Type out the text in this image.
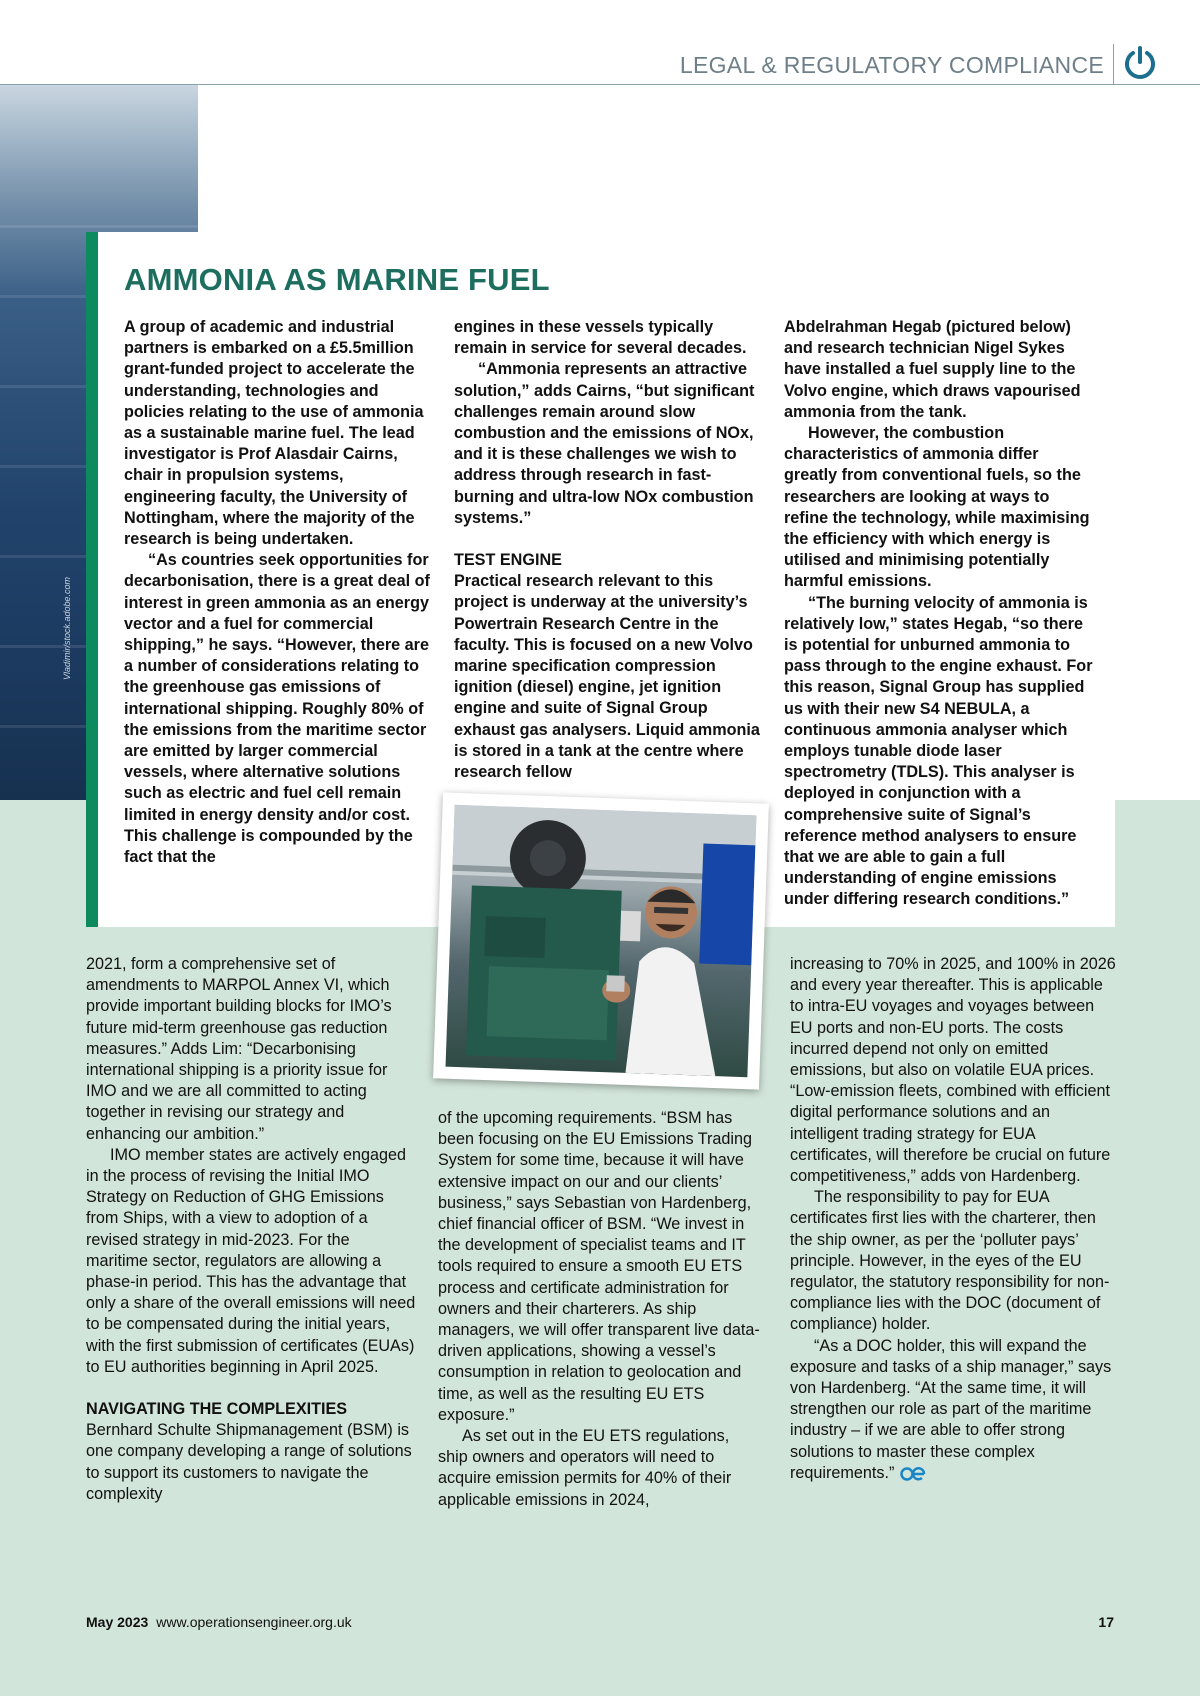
Vladimir/stock.adobe.com
LEGAL & REGULATORY COMPLIANCE
AMMONIA AS MARINE FUEL

A group of academic and industrial partners is embarked on a £5.5million grant-funded project to accelerate the understanding, technologies and policies relating to the use of ammonia as a sustainable marine fuel. The lead investigator is Prof Alasdair Cairns, chair in propulsion systems, engineering faculty, the University of Nottingham, where the majority of the research is being undertaken.

“As countries seek opportunities for decarbonisation, there is a great deal of interest in green ammonia as an energy vector and a fuel for commercial shipping,” he says. “However, there are a number of considerations relating to the greenhouse gas emissions of international shipping. Roughly 80% of the emissions from the maritime sector are emitted by larger commercial vessels, where alternative solutions such as electric and fuel cell remain limited in energy density and/or cost. This challenge is compounded by the fact that the

engines in these vessels typically remain in service for several decades.

“Ammonia represents an attractive solution,” adds Cairns, “but significant challenges remain around slow combustion and the emissions of NOx, and it is these challenges we wish to address through research in fast-burning and ultra-low NOx combustion systems.”

TEST ENGINE

Practical research relevant to this project is underway at the university’s Powertrain Research Centre in the faculty. This is focused on a new Volvo marine specification compression ignition (diesel) engine, jet ignition engine and suite of Signal Group exhaust gas analysers. Liquid ammonia is stored in a tank at the centre where research fellow

Abdelrahman Hegab (pictured below) and research technician Nigel Sykes have installed a fuel supply line to the Volvo engine, which draws vapourised ammonia from the tank.

However, the combustion characteristics of ammonia differ greatly from conventional fuels, so the researchers are looking at ways to refine the technology, while maximising the efficiency with which energy is utilised and minimising potentially harmful emissions.

“The burning velocity of ammonia is relatively low,” states Hegab, “so there is potential for unburned ammonia to pass through to the engine exhaust. For this reason, Signal Group has supplied us with their new S4 NEBULA, a continuous ammonia analyser which employs tunable diode laser spectrometry (TDLS). This analyser is deployed in conjunction with a comprehensive suite of Signal’s reference method analysers to ensure that we are able to gain a full understanding of engine emissions under differing research conditions.”

2021, form a comprehensive set of amendments to MARPOL Annex VI, which provide important building blocks for IMO’s future mid-term greenhouse gas reduction measures.” Adds Lim: “Decarbonising international shipping is a priority issue for IMO and we are all committed to acting together in revising our strategy and enhancing our ambition.”

IMO member states are actively engaged in the process of revising the Initial IMO Strategy on Reduction of GHG Emissions from Ships, with a view to adoption of a revised strategy in mid-2023. For the maritime sector, regulators are allowing a phase-in period. This has the advantage that only a share of the overall emissions will need to be compensated during the initial years, with the first submission of certificates (EUAs) to EU authorities beginning in April 2025.

NAVIGATING THE COMPLEXITIES

Bernhard Schulte Shipmanagement (BSM) is one company developing a range of solutions to support its customers to navigate the complexity

of the upcoming requirements. “BSM has been focusing on the EU Emissions Trading System for some time, because it will have extensive impact on our and our clients’ business,” says Sebastian von Hardenberg, chief financial officer of BSM. “We invest in the development of specialist teams and IT tools required to ensure a smooth EU ETS process and certificate administration for owners and their charterers. As ship managers, we will offer transparent live data-driven applications, showing a vessel’s consumption in relation to geolocation and time, as well as the resulting EU ETS exposure.”

As set out in the EU ETS regulations, ship owners and operators will need to acquire emission permits for 40% of their applicable emissions in 2024,

increasing to 70% in 2025, and 100% in 2026 and every year thereafter. This is applicable to intra-EU voyages and voyages between EU ports and non-EU ports. The costs incurred depend not only on emitted emissions, but also on volatile EUA prices. “Low-emission fleets, combined with efficient digital performance solutions and an intelligent trading strategy for EUA certificates, will therefore be crucial on future competitiveness,” adds von Hardenberg.

The responsibility to pay for EUA certificates first lies with the charterer, then the ship owner, as per the ‘polluter pays’ principle. However, in the eyes of the EU regulator, the statutory responsibility for non-compliance lies with the DOC (document of compliance) holder.

“As a DOC holder, this will expand the exposure and tasks of a ship manager,” says von Hardenberg. “At the same time, it will strengthen our role as part of the maritime industry – if we are able to offer strong solutions to master these complex requirements.”

May 2023 www.operationsengineer.org.uk	17
